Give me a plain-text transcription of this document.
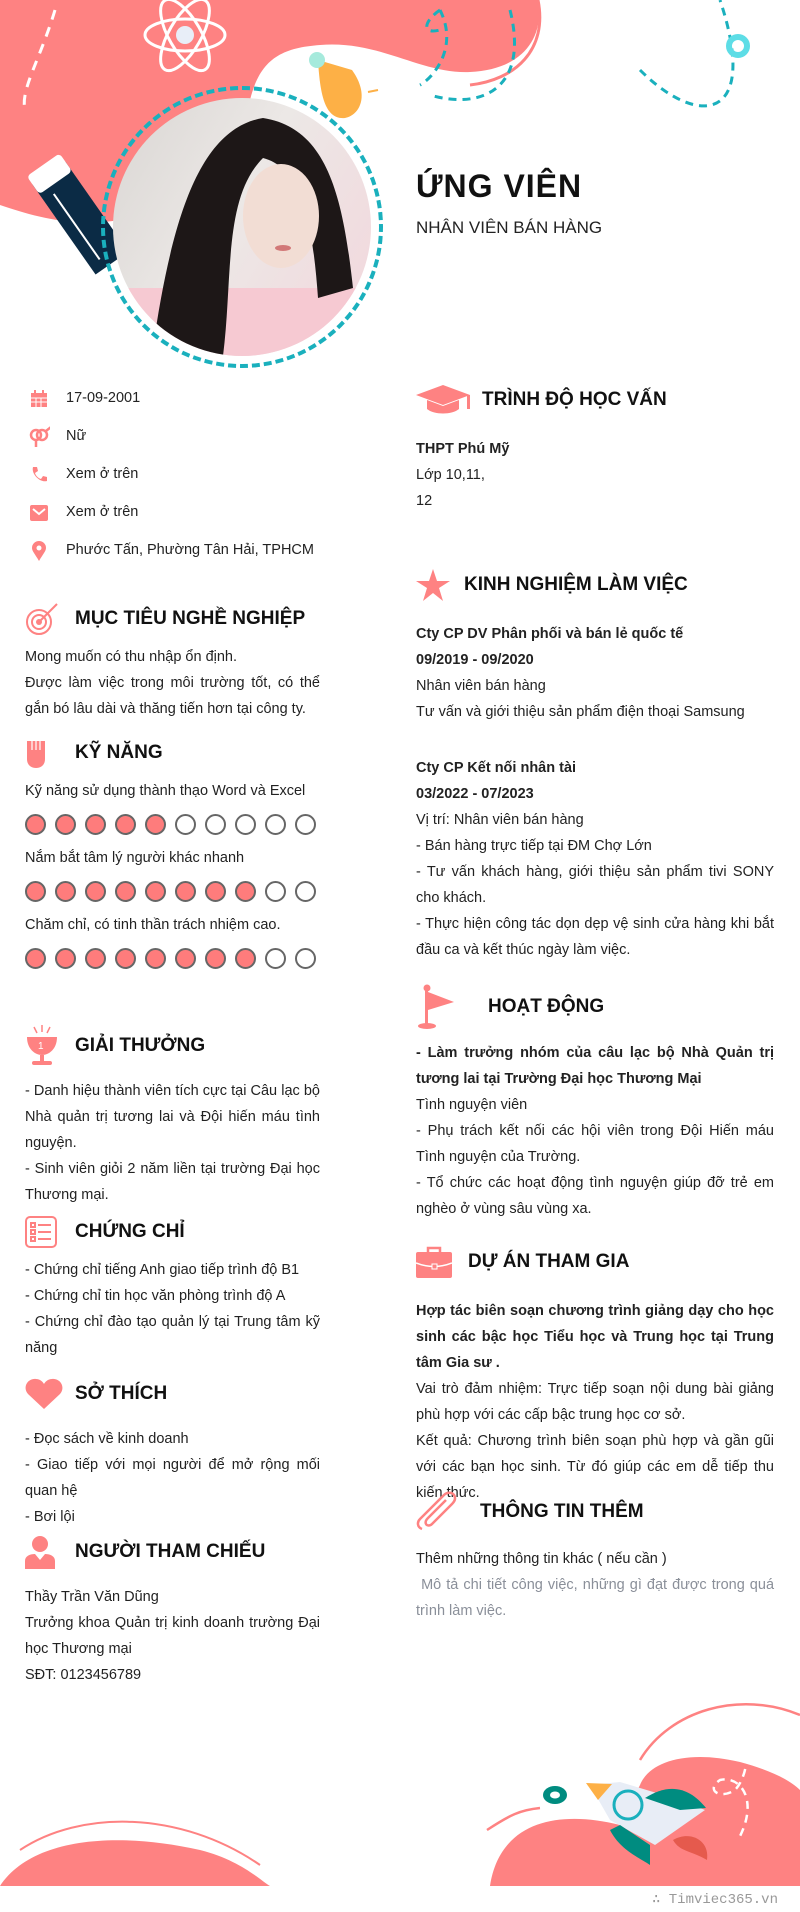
ỨNG VIÊN
NHÂN VIÊN BÁN HÀNG
17-09-2001
Nữ
Xem ở trên
Xem ở trên
Phước Tấn, Phường Tân Hải, TPHCM
MỤC TIÊU NGHỀ NGHIỆP

Mong muốn có thu nhập ổn định.

Được làm việc trong môi trường tốt, có thể gắn bó lâu dài và thăng tiến hơn tại công ty.

KỸ NĂNG
Kỹ năng sử dụng thành thạo Word và Excel
Nắm bắt tâm lý người khác nhanh
Chăm chỉ, có tinh thần trách nhiệm cao.
1 GIẢI THƯỞNG

- Danh hiệu thành viên tích cực tại Câu lạc bộ Nhà quản trị tương lai và Đội hiến máu tình nguyện.

- Sinh viên giỏi 2 năm liền tại trường Đại học Thương mại.

CHỨNG CHỈ

- Chứng chỉ tiếng Anh giao tiếp trình độ B1

- Chứng chỉ tin học văn phòng trình độ A

- Chứng chỉ đào tạo quản lý tại Trung tâm kỹ năng

SỞ THÍCH

- Đọc sách về kinh doanh

- Giao tiếp với mọi người để mở rộng mối quan hệ

- Bơi lội

NGƯỜI THAM CHIẾU

Thầy Trần Văn Dũng

Trưởng khoa Quản trị kinh doanh trường Đại học Thương mại

SĐT: 0123456789

TRÌNH ĐỘ HỌC VẤN

THPT Phú Mỹ

Lớp 10,11,

12

KINH NGHIỆM LÀM VIỆC

Cty CP DV Phân phối và bán lẻ quốc tế

09/2019 - 09/2020

Nhân viên bán hàng

Tư vấn và giới thiệu sản phẩm điện thoại Samsung

Cty CP Kết nối nhân tài

03/2022 - 07/2023

Vị trí: Nhân viên bán hàng

- Bán hàng trực tiếp tại ĐM Chợ Lớn

- Tư vấn khách hàng, giới thiệu sản phẩm tivi SONY cho khách.

- Thực hiện công tác dọn dẹp vệ sinh cửa hàng khi bắt đầu ca và kết thúc ngày làm việc.

HOẠT ĐỘNG

- Làm trưởng nhóm của câu lạc bộ Nhà Quản trị tương lai tại Trường Đại học Thương Mại

Tình nguyện viên

- Phụ trách kết nối các hội viên trong Đội Hiến máu Tình nguyện của Trường.

- Tổ chức các hoạt động tình nguyện giúp đỡ trẻ em nghèo ở vùng sâu vùng xa.

DỰ ÁN THAM GIA

Hợp tác biên soạn chương trình giảng dạy cho học sinh các bậc học Tiểu học và Trung học tại Trung tâm Gia sư .

Vai trò đảm nhiệm: Trực tiếp soạn nội dung bài giảng phù hợp với các cấp bậc trung học cơ sở.

Kết quả: Chương trình biên soạn phù hợp và gần gũi với các bạn học sinh. Từ đó giúp các em dễ tiếp thu kiến thức.

THÔNG TIN THÊM

Thêm những thông tin khác ( nếu cần )

Mô tả chi tiết công việc, những gì đạt được trong quá trình làm việc.

∴ Timviec365.vn
